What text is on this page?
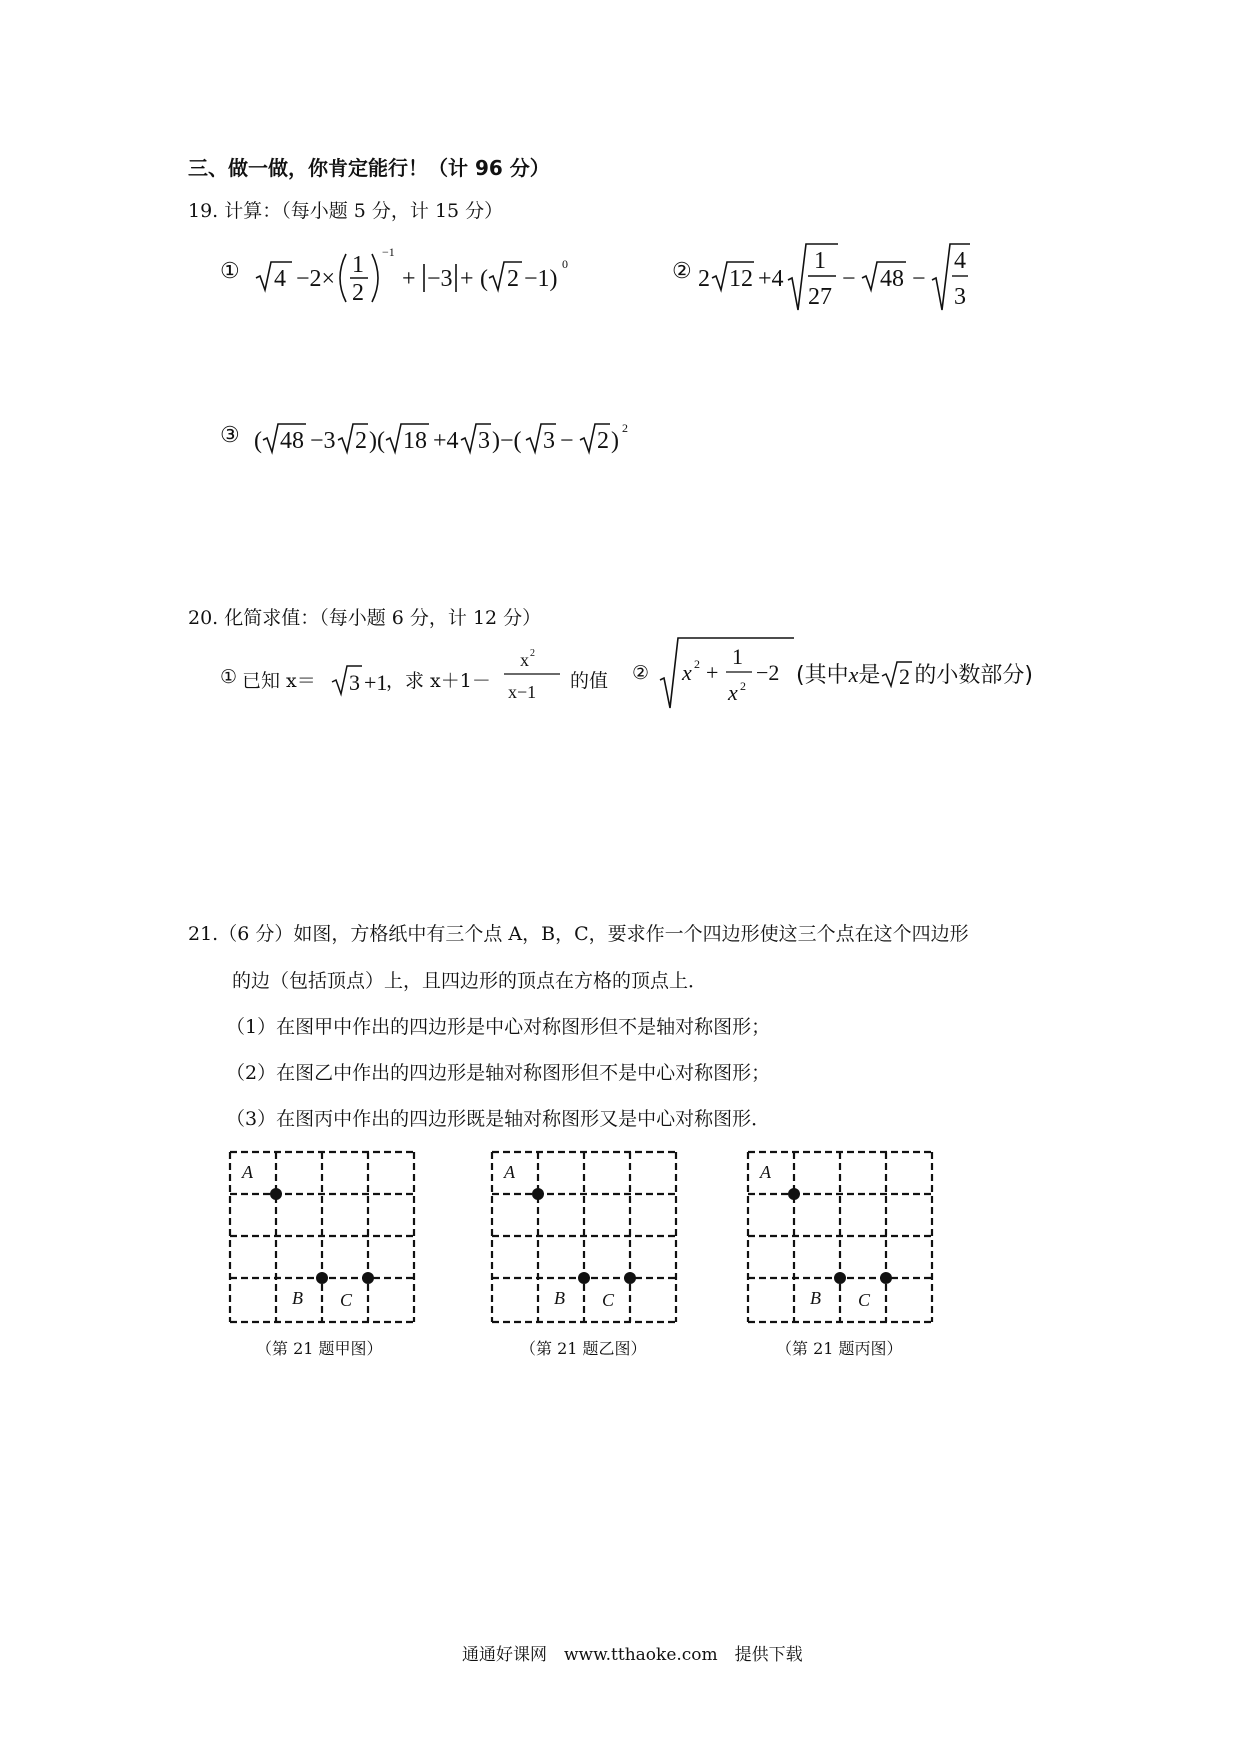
三、做一做，你肯定能行！（计 96 分）
19. 计算：（每小题 5 分，计 15 分）
① 4 −2×
1
2
−1
+ −3 + ( 2 −1)
0	② 2 12 +4
1
27
− 48 −
4
3
③ ( 48 −3 2 )( 18 +4 3 )−( 3 − 2 ) 2
20. 化简求值：（每小题 6 分，计 12 分）
① 已知 x＝ 3 +1
，求 x＋1－
x 2
x−1 的值 ② x 2 +
1
x 2
−2 (其中x是 2 的小数部分)
21.（6 分）如图，方格纸中有三个点 A，B，C，要求作一个四边形使这三个点在这个四边形
的边（包括顶点）上，且四边形的顶点在方格的顶点上．
（1）在图甲中作出的四边形是中心对称图形但不是轴对称图形；
（2）在图乙中作出的四边形是轴对称图形但不是中心对称图形；
（3）在图丙中作出的四边形既是轴对称图形又是中心对称图形．
A
B C
（第 21 题甲图）
A
B C
（第 21 题乙图）
A
B C
（第 21 题丙图）
通通好课网　www.tthaoke.com　提供下载
